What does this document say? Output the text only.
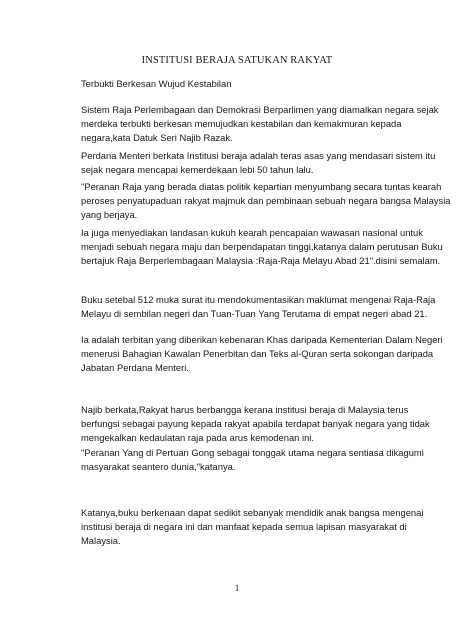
INSTITUSI BERAJA SATUKAN RAKYAT
Terbukti Berkesan Wujud Kestabilan
Sistem Raja Perlembagaan dan Demokrasi Berparlimen yang diamalkan negara sejak
merdeka terbukti berkesan memujudkan kestabilan dan kemakmuran kepada
negara,kata Datuk Seri Najib Razak.
Perdana Menteri berkata Institusi beraja adalah teras asas yang mendasari sistem itu
sejak negara mencapai kemerdekaan lebi 50 tahun lalu.
"Peranan Raja yang berada diatas politik kepartian menyumbang secara tuntas kearah
peroses penyatupaduan rakyat majmuk dan pembinaan sebuah negara bangsa Malaysia
yang berjaya.
Ia juga menyediakan landasan kukuh kearah pencapaian wawasan nasional untuk
menjadi sebuah negara maju dan berpendapatan tinggi,katanya dalam perutusan Buku
bertajuk Raja Berperlembagaan Malaysia :Raja-Raja Melayu Abad 21".disini semalam.
Buku setebal 512 muka surat itu mendokumentasikan maklumat mengenai Raja-Raja
Melayu di sembilan negeri dan Tuan-Tuan Yang Terutama di empat negeri abad 21.
Ia adalah terbitan yang diberikan kebenaran Khas daripada Kementerian Dalam Negeri
menerusi Bahagian Kawalan Penerbitan dan Teks al-Quran serta sokongan daripada
Jabatan Perdana Menteri.
Najib berkata,Rakyat harus berbangga kerana institusi beraja di Malaysia terus
berfungsi sebagai payung kepada rakyat apabila terdapat banyak negara yang tidak
mengekalkan kedaulatan raja pada arus kemodenan ini.
"Peranan Yang di Pertuan Gong sebagai tonggak utama negara sentiasa dikagumi
masyarakat seantero dunia,"katanya.
Katanya,buku berkenaan dapat sedikit sebanyak mendidik anak bangsa mengenai
institusi beraja di negara ini dan manfaat kepada semua lapisan masyarakat di
Malaysia.
1
